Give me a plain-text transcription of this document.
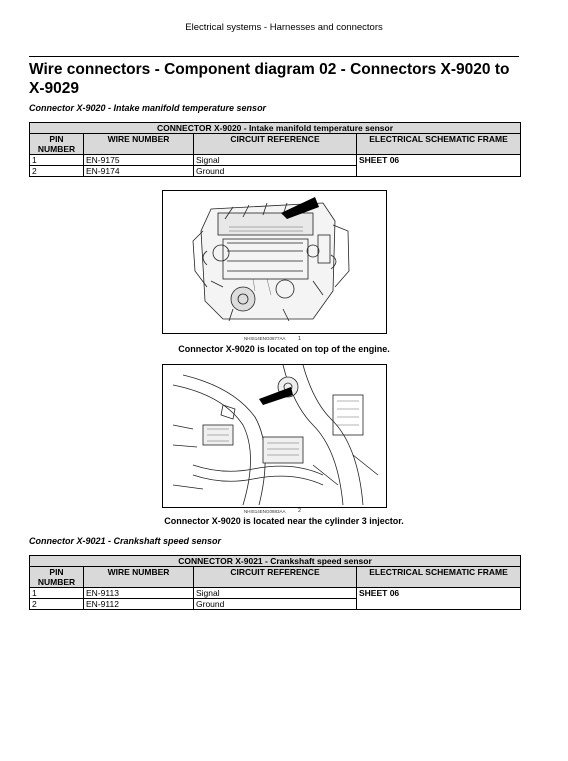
Electrical systems - Harnesses and connectors
Wire connectors - Component diagram 02 - Connectors X-9020 to X-9029
Connector X-9020 - Intake manifold temperature sensor
CONNECTOR X-9020 - Intake manifold temperature sensor			
PIN NUMBER	WIRE NUMBER	CIRCUIT REFERENCE	ELECTRICAL SCHEMATIC FRAME
1	EN-9175	Signal	SHEET 06
2	EN-9174	Ground	
NHIS14ENG0877AA 1
Connector X-9020 is located on top of the engine.
NHIS14ENG0883AA 2
Connector X-9020 is located near the cylinder 3 injector.
Connector X-9021 - Crankshaft speed sensor
CONNECTOR X-9021 - Crankshaft speed sensor			
PIN NUMBER	WIRE NUMBER	CIRCUIT REFERENCE	ELECTRICAL SCHEMATIC FRAME
1	EN-9113	Signal	SHEET 06
2	EN-9112	Ground	
